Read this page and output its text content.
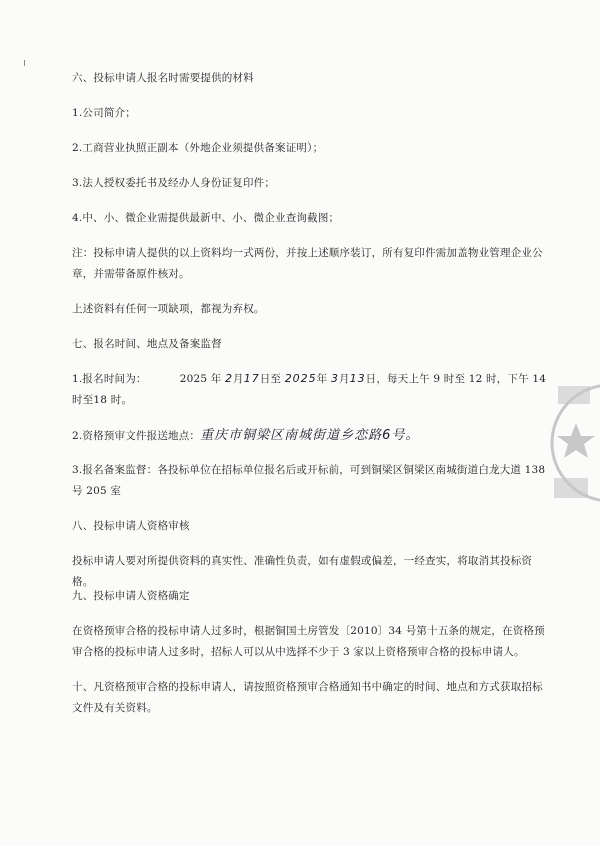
六、投标申请人报名时需要提供的材料

1.公司简介；

2.工商营业执照正副本（外地企业须提供备案证明）；

3.法人授权委托书及经办人身份证复印件；

4.中、小、微企业需提供最新中、小、微企业查询截图；

注：投标申请人提供的以上资料均一式两份，并按上述顺序装订，所有复印件需加盖物业管理企业公章，并需带备原件核对。

上述资料有任何一项缺项，都视为弃权。

七、报名时间、地点及备案监督

1.报名时间为：	2025 年 2月17日至 2025年 3月13日，每天上午 9 时至 12 时，下午 14 时至18 时。

2.资格预审文件报送地点：重庆市铜梁区南城街道乡恋路6号。

3.报名备案监督：各投标单位在招标单位报名后或开标前，可到铜梁区铜梁区南城街道白龙大道 138 号 205 室

八、投标申请人资格审核

投标申请人要对所提供资料的真实性、准确性负责，如有虚假或偏差，一经查实，将取消其投标资格。

九、投标申请人资格确定

在资格预审合格的投标申请人过多时，根据铜国土房管发〔2010〕34 号第十五条的规定，在资格预审合格的投标申请人过多时，招标人可以从中选择不少于 3 家以上资格预审合格的投标申请人。

十、凡资格预审合格的投标申请人，请按照资格预审合格通知书中确定的时间、地点和方式获取招标文件及有关资料。
